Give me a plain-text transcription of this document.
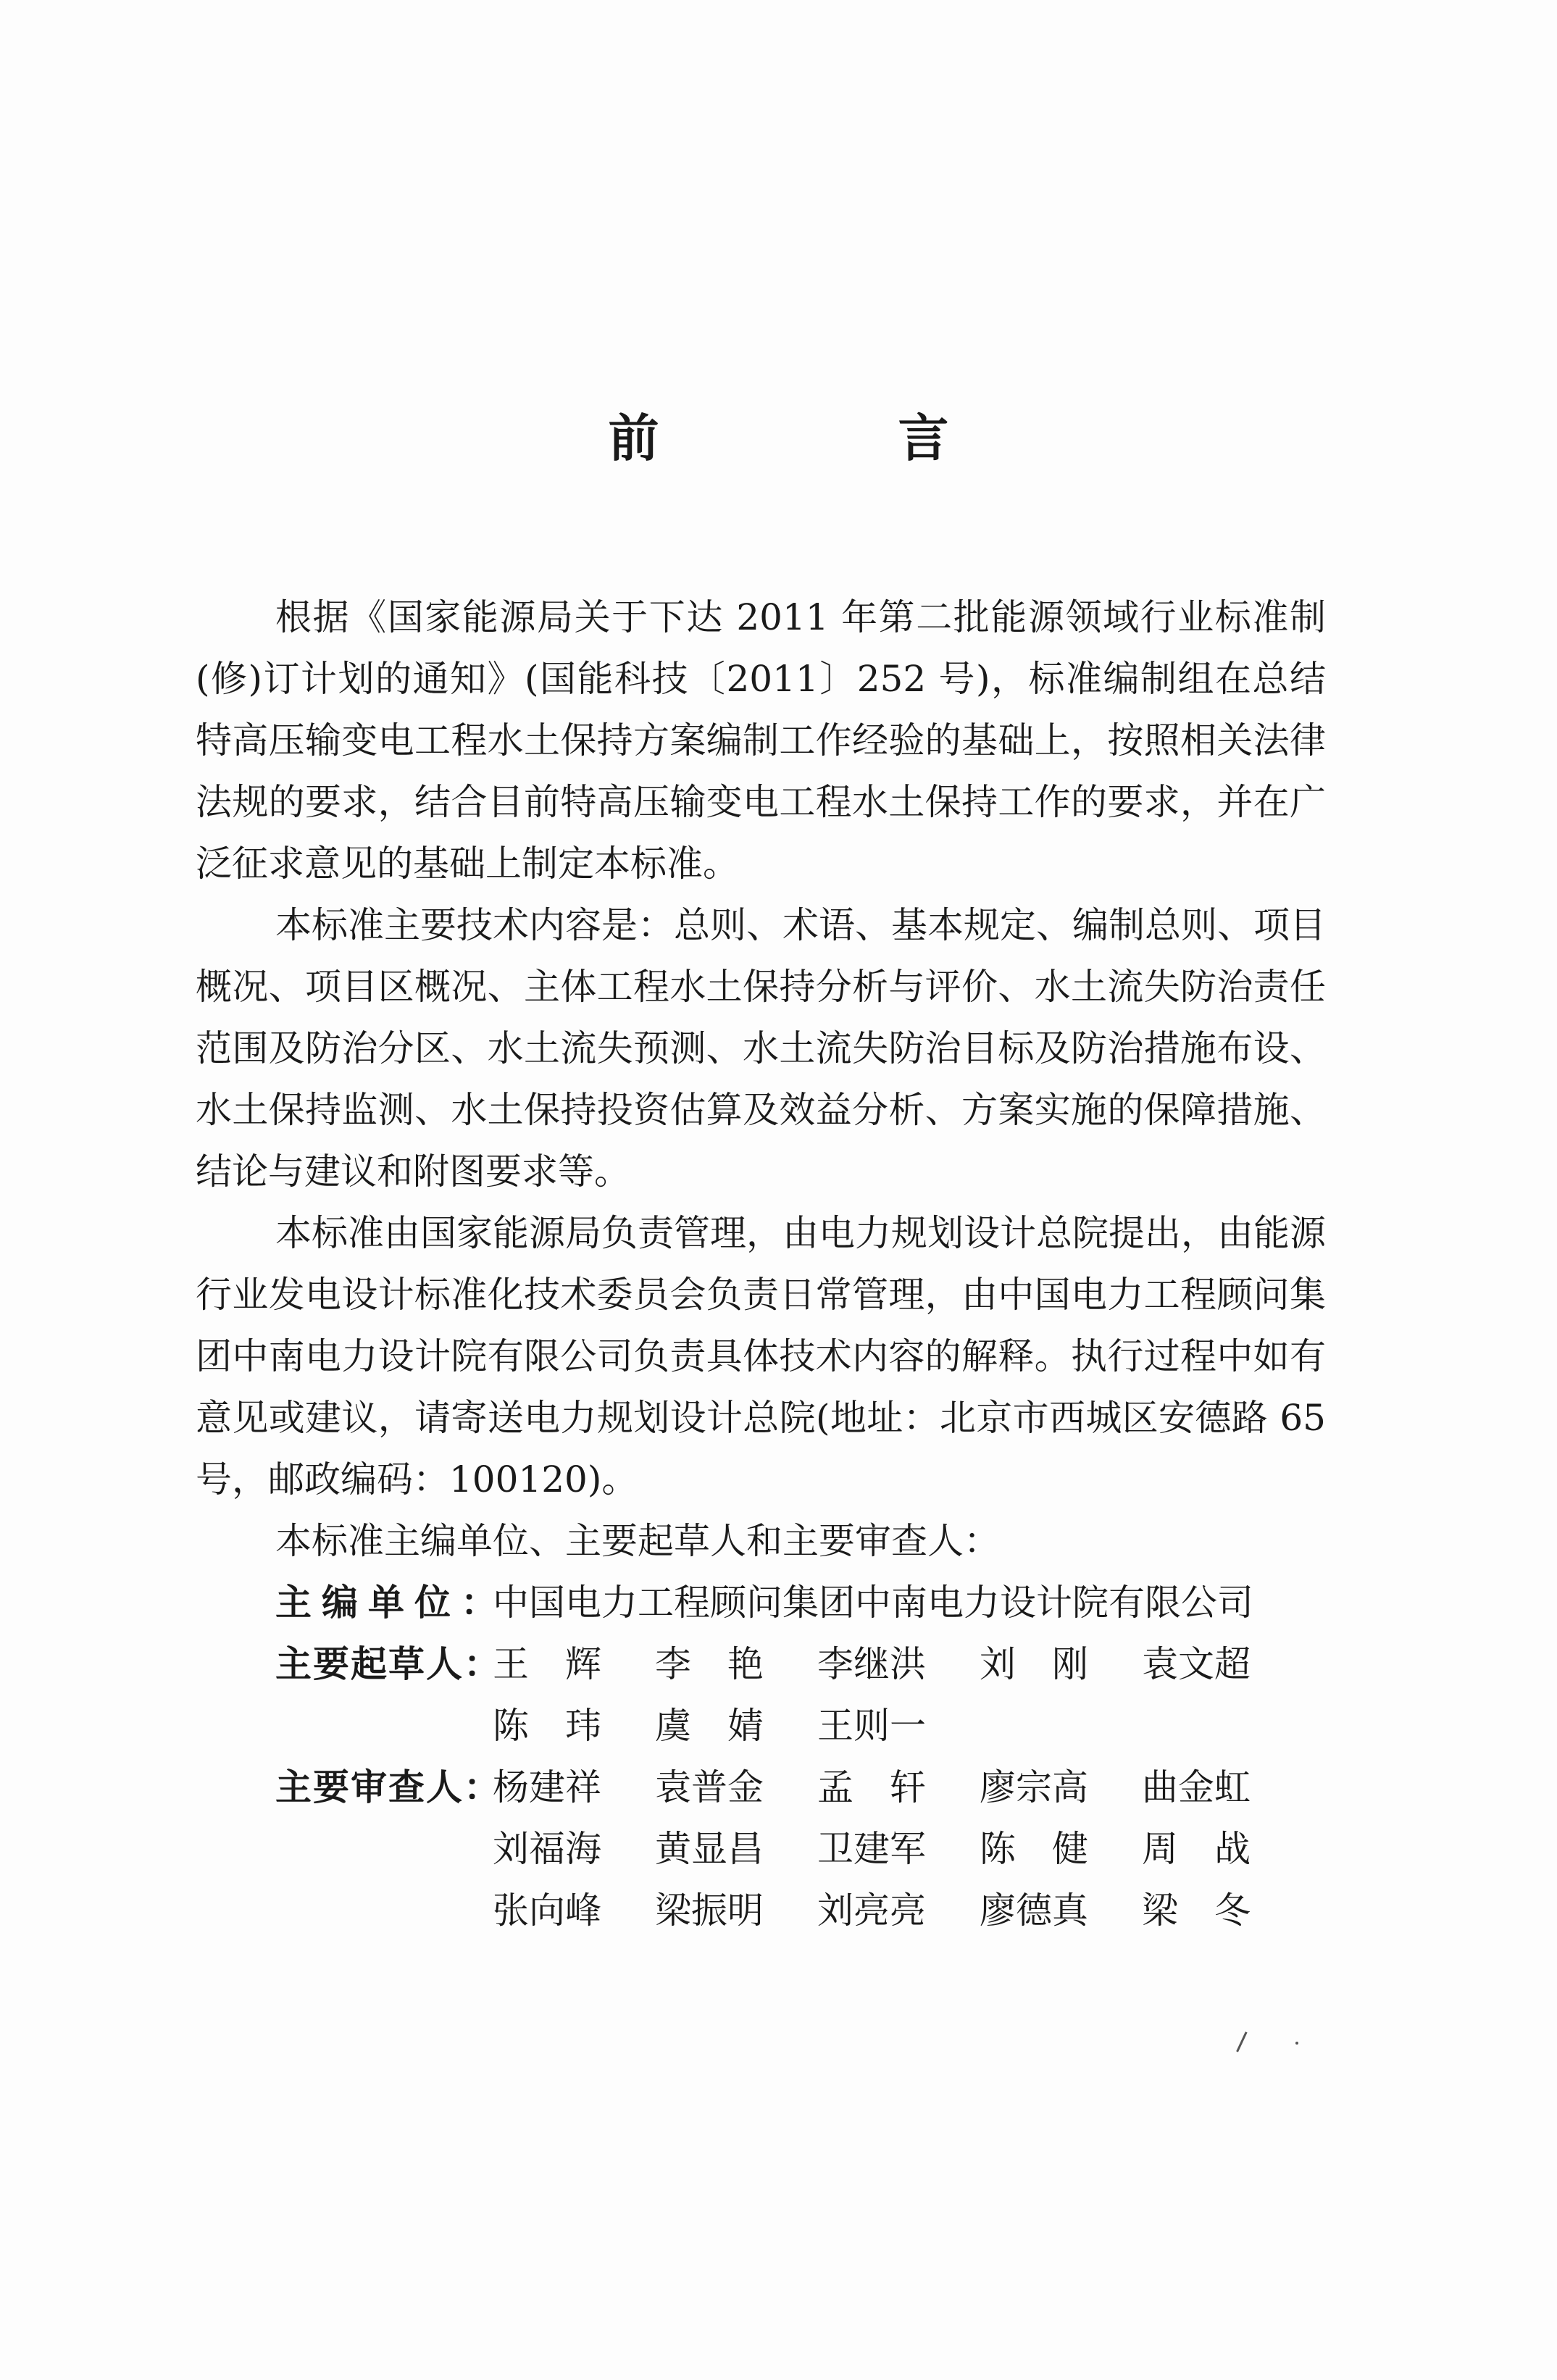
前　言

根据《国家能源局关于下达 2011 年第二批能源领域行业标准制(修)订计划的通知》(国能科技〔2011〕252 号)，标准编制组在总结特高压输变电工程水土保持方案编制工作经验的基础上，按照相关法律法规的要求，结合目前特高压输变电工程水土保持工作的要求，并在广泛征求意见的基础上制定本标准。

本标准主要技术内容是：总则、术语、基本规定、编制总则、项目概况、项目区概况、主体工程水土保持分析与评价、水土流失防治责任范围及防治分区、水土流失预测、水土流失防治目标及防治措施布设、水土保持监测、水土保持投资估算及效益分析、方案实施的保障措施、结论与建议和附图要求等。

本标准由国家能源局负责管理，由电力规划设计总院提出，由能源行业发电设计标准化技术委员会负责日常管理，由中国电力工程顾问集团中南电力设计院有限公司负责具体技术内容的解释。执行过程中如有意见或建议，请寄送电力规划设计总院(地址：北京市西城区安德路 65 号，邮政编码：100120)。

本标准主编单位、主要起草人和主要审查人：

主编单位：
中国电力工程顾问集团中南电力设计院有限公司
主要起草人：
王　辉	李　艳	李继洪	刘　刚	袁文超
陈　玮	虞　婧	王则一
主要审查人：
杨建祥	袁普金	孟　轩	廖宗高	曲金虹
刘福海	黄显昌	卫建军	陈　健	周　战
张向峰	梁振明	刘亮亮	廖德真	梁　冬
